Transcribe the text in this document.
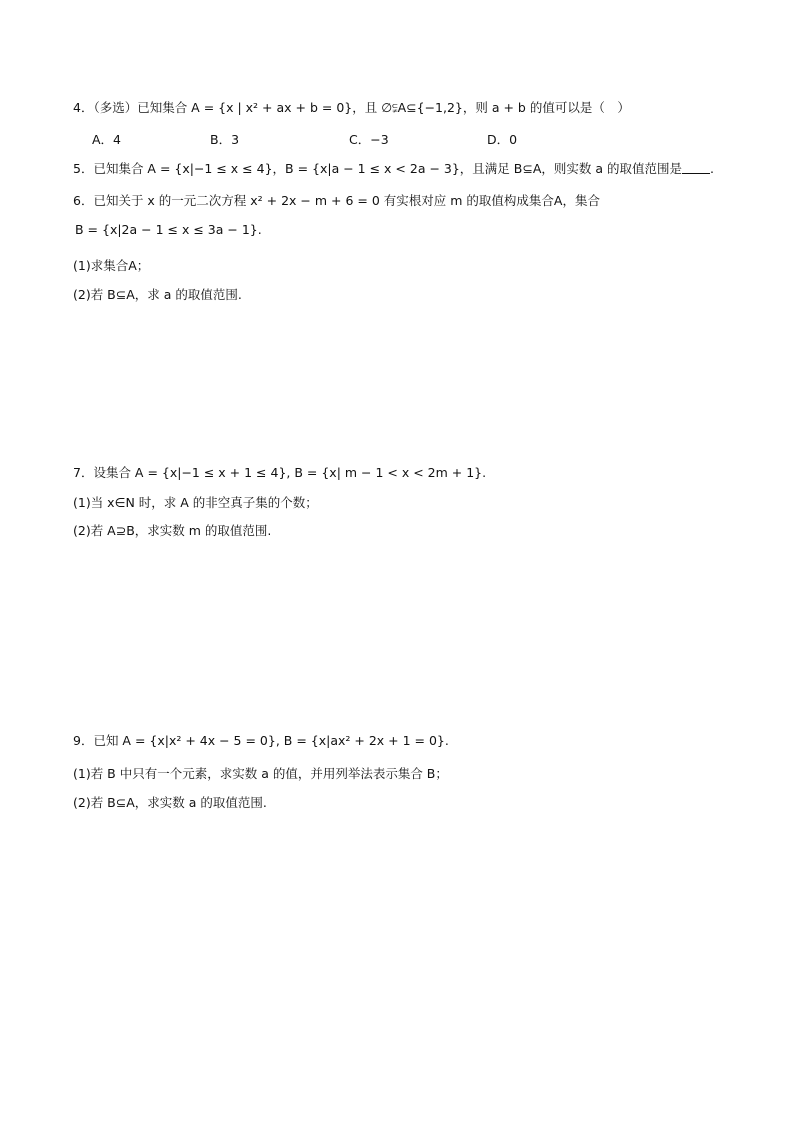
4．（多选）已知集合 A = {x | x² + ax + b = 0}，且 ∅⫋A⊆{−1,2}，则 a + b 的值可以是（　）
A．4	B．3	C．−3	D．0
5．已知集合 A = {x|−1 ≤ x ≤ 4}，B = {x|a − 1 ≤ x < 2a − 3}，且满足 B⊆A，则实数 a 的取值范围是 .
6．已知关于 x 的一元二次方程 x² + 2x − m + 6 = 0 有实根对应 m 的取值构成集合A，集合
B = {x|2a − 1 ≤ x ≤ 3a − 1}.
(1)求集合A；
(2)若 B⊆A，求 a 的取值范围.
7．设集合 A = {x|−1 ≤ x + 1 ≤ 4}, B = {x| m − 1 < x < 2m + 1}.
(1)当 x∈N 时，求 A 的非空真子集的个数；
(2)若 A⊇B，求实数 m 的取值范围.
9．已知 A = {x|x² + 4x − 5 = 0}, B = {x|ax² + 2x + 1 = 0}.
(1)若 B 中只有一个元素，求实数 a 的值，并用列举法表示集合 B；
(2)若 B⊆A，求实数 a 的取值范围.
